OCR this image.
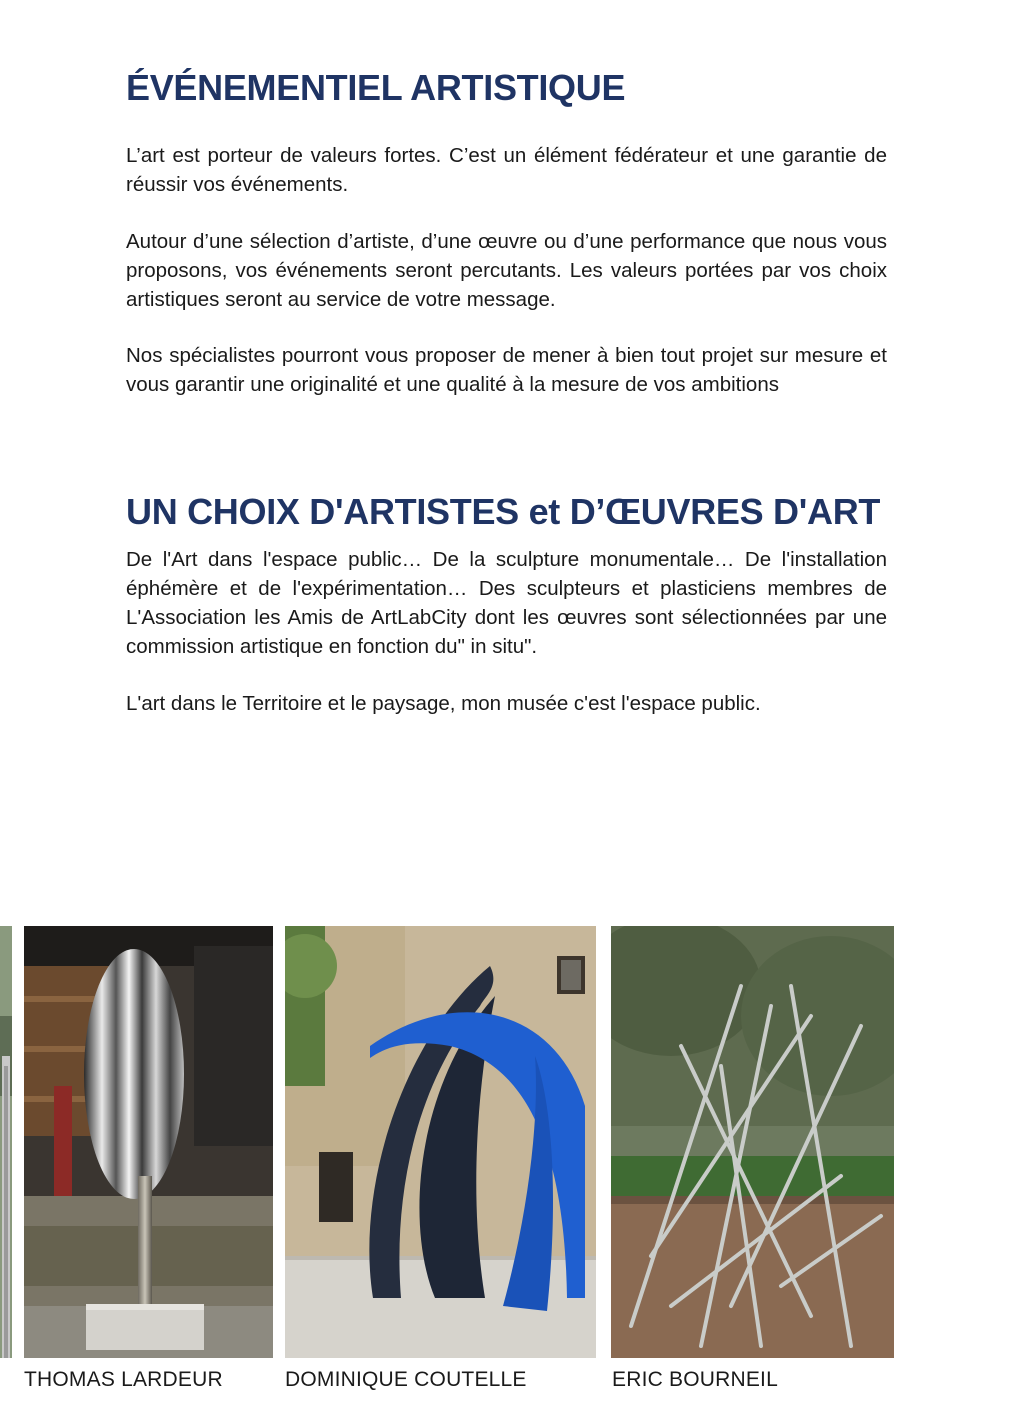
ÉVÉNEMENTIEL ARTISTIQUE

L’art est porteur de valeurs fortes. C’est un élément fédérateur et une garantie de réussir vos événements.

Autour d’une sélection d’artiste, d’une œuvre ou d’une performance que nous vous proposons, vos événements seront percutants. Les valeurs portées par vos choix artistiques seront au service de votre message.

Nos spécialistes pourront vous proposer de mener à bien tout projet sur mesure et vous garantir une originalité et une qualité à la mesure de vos ambitions

UN CHOIX D'ARTISTES et D’ŒUVRES D'ART

De l'Art dans l'espace public… De la sculpture monumentale… De l'installation éphémère et de l'expérimentation… Des sculpteurs et plasticiens membres de L'Association les Amis de ArtLabCity dont les œuvres sont sélectionnées par une commission artistique en fonction du" in situ".

L'art dans le Territoire et le paysage, mon musée c'est l'espace public.

THOMAS LARDEUR	DOMINIQUE COUTELLE	ERIC BOURNEIL
